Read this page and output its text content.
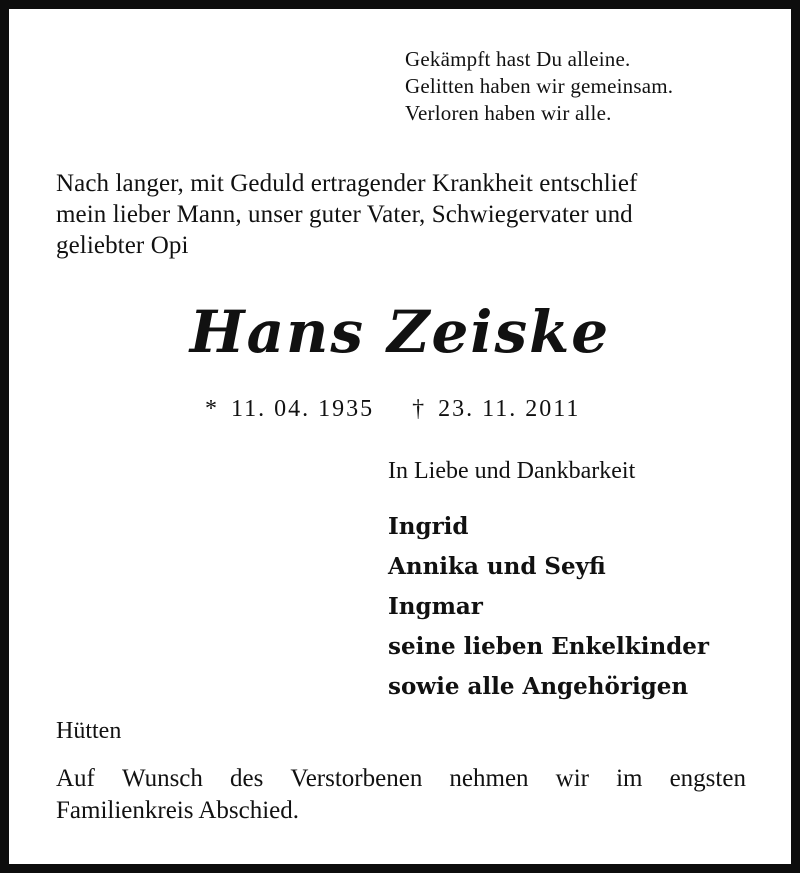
Gekämpft hast Du alleine.
Gelitten haben wir gemeinsam.
Verloren haben wir alle.
Nach langer, mit Geduld ertragender Krankheit entschlief
mein lieber Mann, unser guter Vater, Schwiegervater und
geliebter Opi
Hans Zeiske
* 11. 04. 1935 † 23. 11. 2011
In Liebe und Dankbarkeit
Ingrid
Annika und Seyfi
Ingmar
seine lieben Enkelkinder
sowie alle Angehörigen
Hütten
Auf Wunsch des Verstorbenen nehmen wir im engsten
Familienkreis Abschied.
